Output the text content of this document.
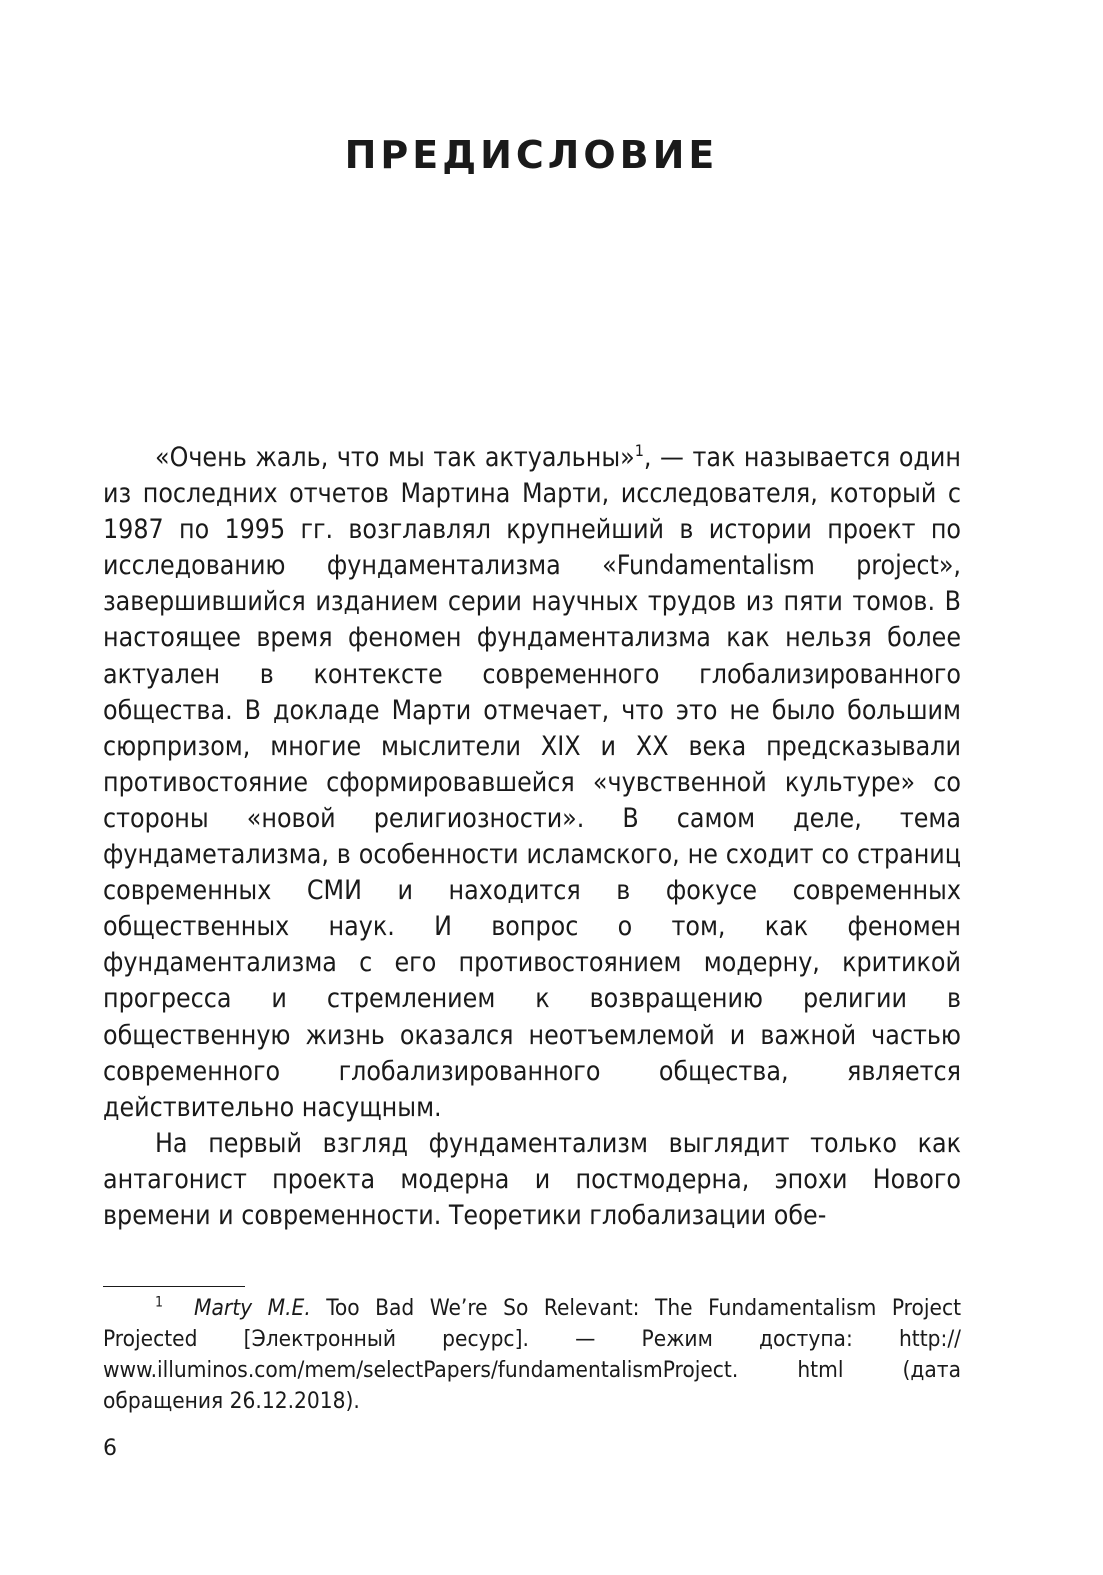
ПРЕДИСЛОВИЕ

«Очень жаль, что мы так актуальны»$^1$, — так называется один из последних отчетов Мартина Марти, исследователя, который с 1987 по 1995 гг. возглавлял крупнейший в истории проект по исследованию фундаментализма «Fundamentalism project», завершившийся изданием серии научных трудов из пяти томов. В настоящее время феномен фундаментализма как нельзя более актуален в контексте современного глобализированного общества. В докладе Марти отмечает, что это не было большим сюрпризом, многие мыслители XIX и XX века предсказывали противостояние сформировавшейся «чувственной культуре» со стороны «новой религиозности». В самом деле, тема фундаметализма, в особенности исламского, не сходит со страниц современных СМИ и находится в фокусе современных общественных наук. И вопрос о том, как феномен фундаментализма с его противостоянием модерну, критикой прогресса и стремлением к возвращению религии в общественную жизнь оказался неотъемлемой и важной частью современного глобализированного общества, является действительно насущным.

На первый взгляд фундаментализм выглядит только как антагонист проекта модерна и постмодерна, эпохи Нового времени и современности. Теоретики глобализации обе-

$^1$ Marty M.E. Too Bad We’re So Relevant: The Fundamentalism Project Projected [Электронный ресурс]. — Режим доступа: http:// www.illuminos.com/mem/selectPapers/fundamentalismProject. html (дата обращения 26.12.2018).

6
